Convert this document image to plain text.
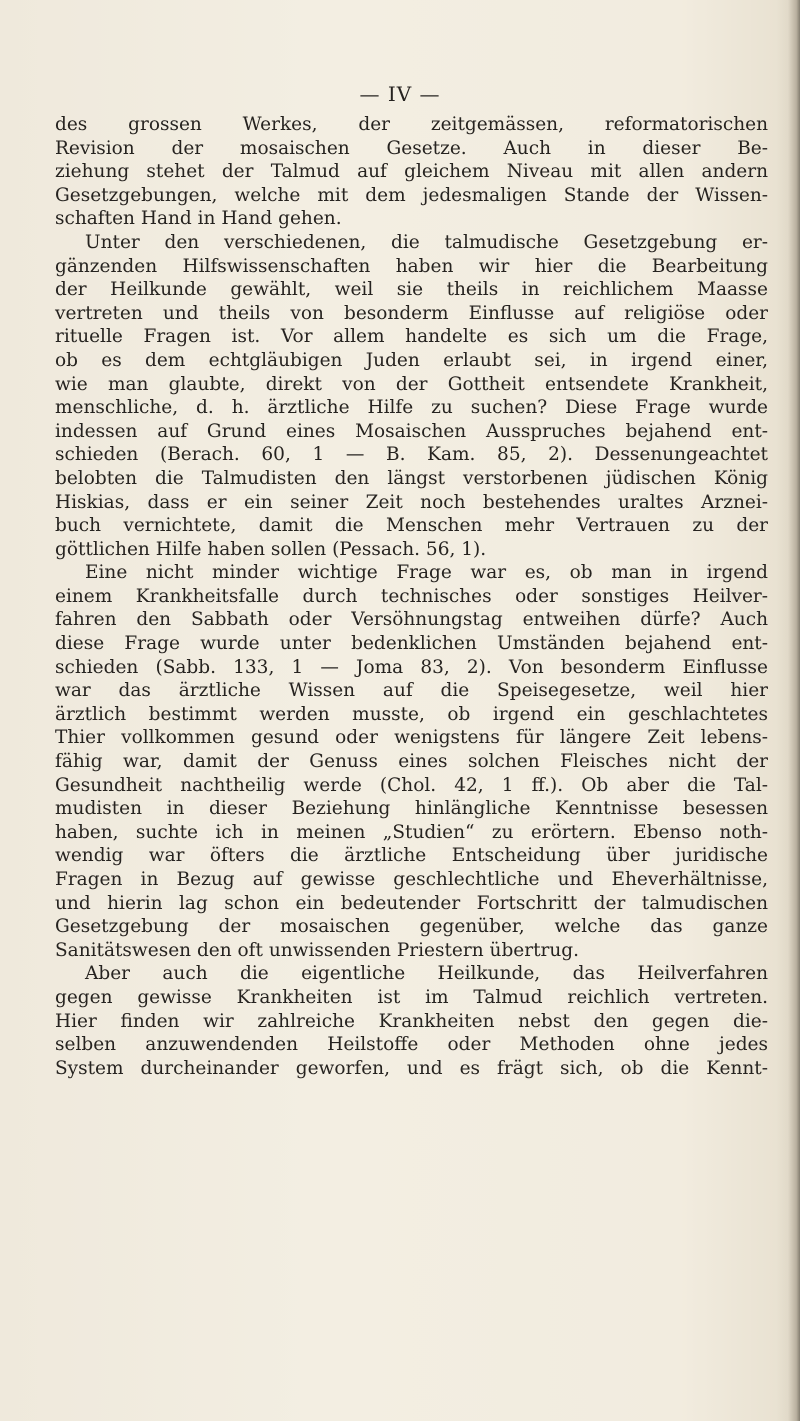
— IV —
des grossen Werkes, der zeitgemässen, reformatorischen
Revision der mosaischen Gesetze. Auch in dieser Be-
ziehung stehet der Talmud auf gleichem Niveau mit allen andern
Gesetzgebungen, welche mit dem jedesmaligen Stande der Wissen-
schaften Hand in Hand gehen.
Unter den verschiedenen, die talmudische Gesetzgebung er-
gänzenden Hilfswissenschaften haben wir hier die Bearbeitung
der Heilkunde gewählt, weil sie theils in reichlichem Maasse
vertreten und theils von besonderm Einflusse auf religiöse oder
rituelle Fragen ist. Vor allem handelte es sich um die Frage,
ob es dem echtgläubigen Juden erlaubt sei, in irgend einer,
wie man glaubte, direkt von der Gottheit entsendete Krankheit,
menschliche, d. h. ärztliche Hilfe zu suchen? Diese Frage wurde
indessen auf Grund eines Mosaischen Ausspruches bejahend ent-
schieden (Berach. 60, 1 — B. Kam. 85, 2). Dessenungeachtet
belobten die Talmudisten den längst verstorbenen jüdischen König
Hiskias, dass er ein seiner Zeit noch bestehendes uraltes Arznei-
buch vernichtete, damit die Menschen mehr Vertrauen zu der
göttlichen Hilfe haben sollen (Pessach. 56, 1).
Eine nicht minder wichtige Frage war es, ob man in irgend
einem Krankheitsfalle durch technisches oder sonstiges Heilver-
fahren den Sabbath oder Versöhnungstag entweihen dürfe? Auch
diese Frage wurde unter bedenklichen Umständen bejahend ent-
schieden (Sabb. 133, 1 — Joma 83, 2). Von besonderm Einflusse
war das ärztliche Wissen auf die Speisegesetze, weil hier
ärztlich bestimmt werden musste, ob irgend ein geschlachtetes
Thier vollkommen gesund oder wenigstens für längere Zeit lebens-
fähig war, damit der Genuss eines solchen Fleisches nicht der
Gesundheit nachtheilig werde (Chol. 42, 1 ff.). Ob aber die Tal-
mudisten in dieser Beziehung hinlängliche Kenntnisse besessen
haben, suchte ich in meinen „Studien“ zu erörtern. Ebenso noth-
wendig war öfters die ärztliche Entscheidung über juridische
Fragen in Bezug auf gewisse geschlechtliche und Eheverhältnisse,
und hierin lag schon ein bedeutender Fortschritt der talmudischen
Gesetzgebung der mosaischen gegenüber, welche das ganze
Sanitätswesen den oft unwissenden Priestern übertrug.
Aber auch die eigentliche Heilkunde, das Heilverfahren
gegen gewisse Krankheiten ist im Talmud reichlich vertreten.
Hier finden wir zahlreiche Krankheiten nebst den gegen die-
selben anzuwendenden Heilstoffe oder Methoden ohne jedes
System durcheinander geworfen, und es frägt sich, ob die Kennt-
